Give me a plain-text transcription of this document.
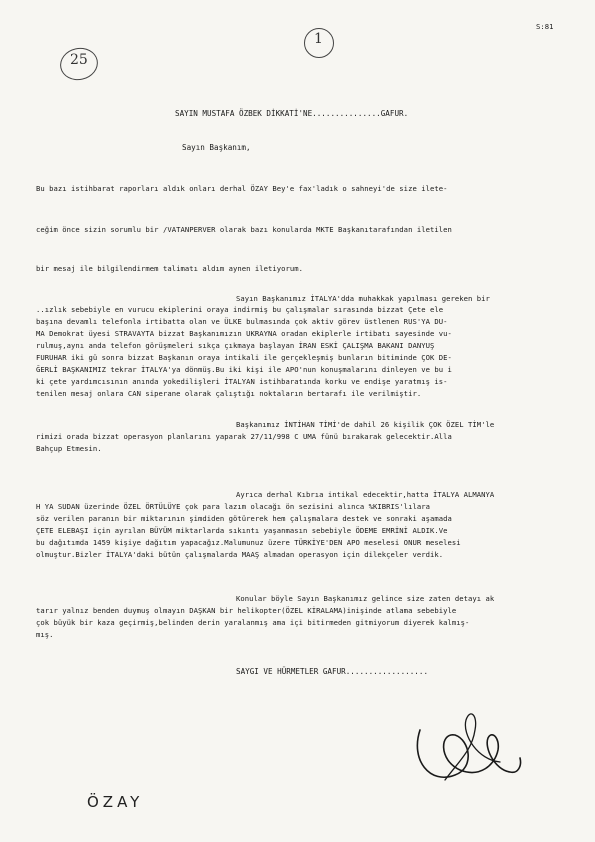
S:81
25
1
SAYIN MUSTAFA ÖZBEK DİKKATİ'NE...............GAFUR.
Sayın Başkanım,
Bu bazı istihbarat raporları aldık onları derhal ÖZAY Bey'e fax'ladık o sahneyi'de size ilete-
ceğim önce sizin sorumlu bir /VATANPERVER olarak bazı konularda MKTE Başkanıtarafından iletilen
bir mesaj ile bilgilendirmem talimatı aldım aynen iletiyorum.
Sayın Başkanımız İTALYA'dda muhakkak yapılması gereken bir
..ızlık sebebiyle en vurucu ekiplerini oraya indirmiş bu çalışmalar sırasında bizzat Çete ele
başına devamlı telefonla irtibatta olan ve ÜLKE bulmasında çok aktiv görev üstlenen RUS'YA DU-
MA Demokrat üyesi STRAVAYTA bizzat Başkanımızın UKRAYNA oradan ekiplerle irtibatı sayesinde vu-
rulmuş,aynı anda telefon görüşmeleri sıkça çıkmaya başlayan İRAN ESKİ ÇALIŞMA BAKANI DANYUŞ
FURUHAR iki gü sonra bizzat Başkanın oraya intikali ile gerçekleşmiş bunların bitiminde ÇOK DE-
ĞERLİ BAŞKANIMIZ tekrar İTALYA'ya dönmüş.Bu iki kişi ile APO'nun konuşmalarını dinleyen ve bu i
ki çete yardımcısının anında yokedilişleri İTALYAN istihbaratında korku ve endişe yaratmış is-
tenilen mesaj onlara CAN siperane olarak çalıştığı noktaların bertarafı ile verilmiştir.
Başkanımız İNTİHAN TİMİ'de dahil 26 kişilik ÇOK ÖZEL TİM'le
rimizi orada bizzat operasyon planlarını yaparak 27/11/998 C UMA fünü bırakarak gelecektir.Alla
Bahçup Etmesin.
Ayrıca derhal Kıbrıa intikal edecektir,hatta İTALYA ALMANYA
H YA SUDAN üzerinde ÖZEL ÖRTÜLÜYE çok para lazım olacağı ön sezisini alınca %KIBRIS'lılara
söz verilen paranın bir miktarının şimdiden götürerek hem çalışmalara destek ve sonraki aşamada
ÇETE ELEBAŞI için ayrılan BÜYÜM miktarlarda sıkıntı yaşanmasın sebebiyle ÖDEME EMRİNİ ALDIK.Ve
bu dağıtımda 1459 kişiye dağıtım yapacağız.Malumunuz üzere TÜRKİYE'DEN APO meselesi ONUR meselesi
olmuştur.Bizler İTALYA'daki bütün çalışmalarda MAAŞ almadan operasyon için dilekçeler verdik.
Konular böyle Sayın Başkanımız gelince size zaten detayı ak
tarır yalnız benden duymuş olmayın DAŞKAN bir helikopter(ÖZEL KİRALAMA)inişinde atlama sebebiyle
çok büyük bir kaza geçirmiş,belinden derin yaralanmış ama içi bitirmeden gitmiyorum diyerek kalmış-
mış.
SAYGI VE HÜRMETLER GAFUR..................
ÖZAY
